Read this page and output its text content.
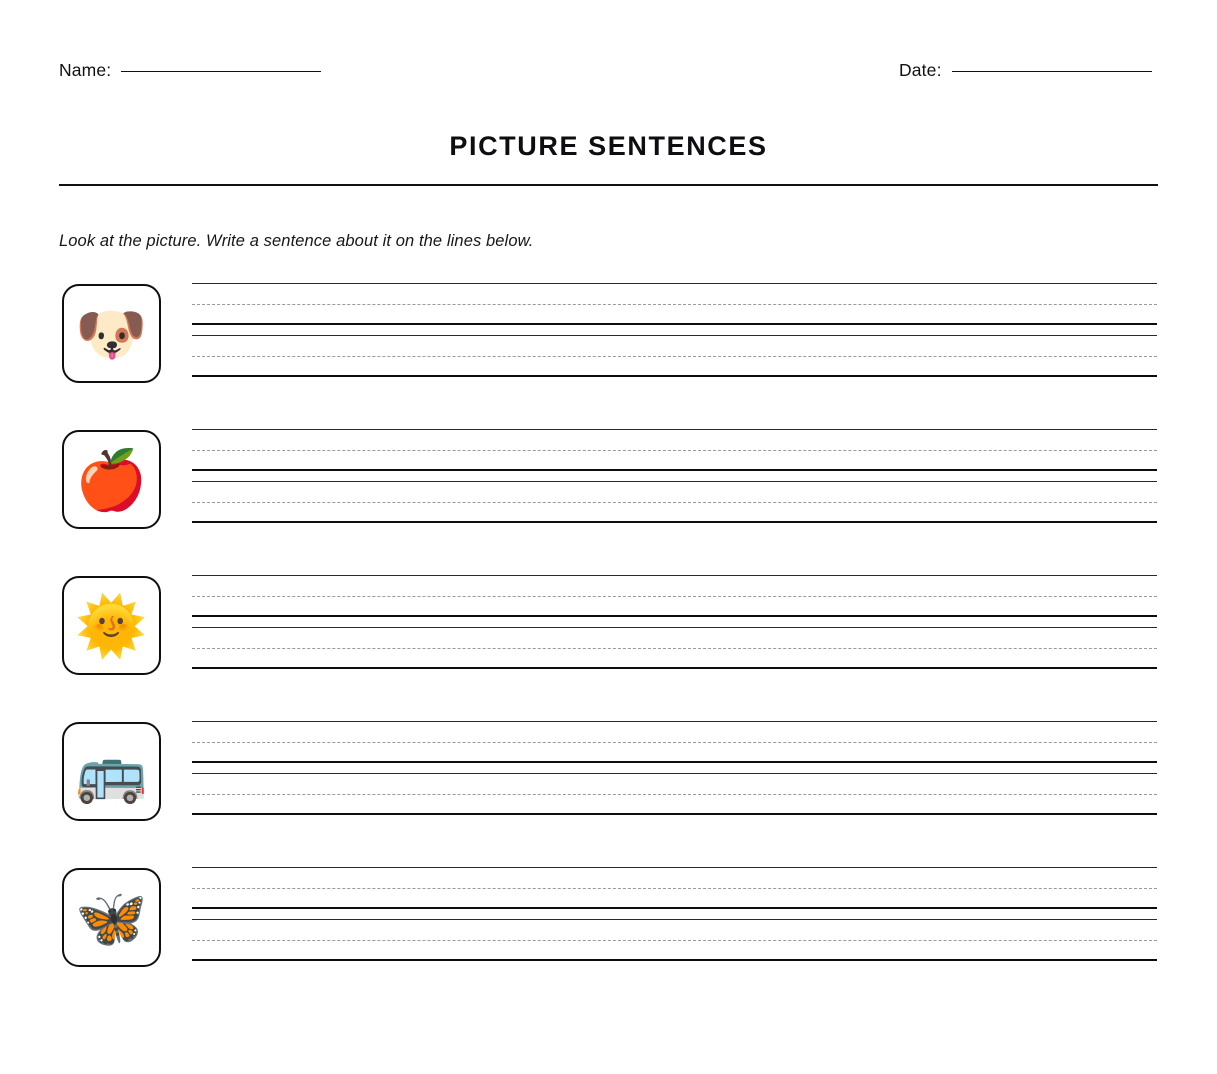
Name:	Date:
PICTURE SENTENCES
Look at the picture. Write a sentence about it on the lines below.
🐶
🍎
🌞
🚌
🦋
